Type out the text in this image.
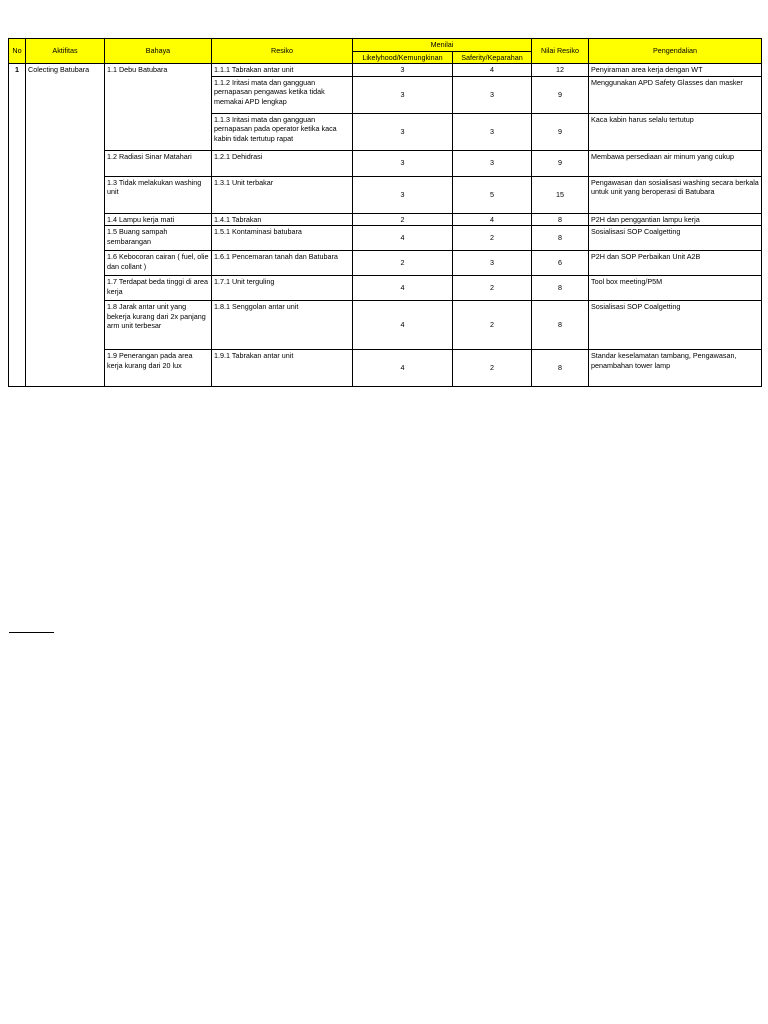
No	Aktifitas	Bahaya	Resiko	Menilai		Nilai Resiko	Pengendalian
				Likelyhood/Kemungkinan	Saferity/Keparahan		
1	Colecting Batubara	1.1 Debu Batubara	1.1.1 Tabrakan antar unit	3	4	12	Penyiraman area kerja dengan WT
			1.1.2 Iritasi mata dan gangguan pernapasan pengawas ketika tidak memakai APD lengkap	3	3	9	Menggunakan APD Safety Glasses dan masker
			1.1.3 Iritasi mata dan gangguan pernapasan pada operator ketika kaca kabin tidak tertutup rapat	3	3	9	Kaca kabin harus selalu tertutup
		1.2 Radiasi Sinar Matahari	1.2.1 Dehidrasi	3	3	9	Membawa persediaan air minum yang cukup
		1.3 Tidak melakukan washing unit	1.3.1 Unit terbakar	3	5	15	Pengawasan dan sosialisasi washing secara berkala untuk unit yang beroperasi di Batubara
		1.4 Lampu kerja mati	1.4.1 Tabrakan	2	4	8	P2H dan penggantian lampu kerja
		1.5 Buang sampah sembarangan	1.5.1 Kontaminasi batubara	4	2	8	Sosialisasi SOP Coalgetting
		1.6 Kebocoran cairan ( fuel, olie dan collant )	1.6.1 Pencemaran tanah dan Batubara	2	3	6	P2H dan SOP Perbaikan Unit A2B
		1.7 Terdapat beda tinggi di area kerja	1.7.1 Unit terguling	4	2	8	Tool box meeting/P5M
		1.8 Jarak antar unit yang bekerja kurang dari 2x panjang arm unit terbesar	1.8.1 Senggolan antar unit	4	2	8	Sosialisasi SOP Coalgetting
		1.9 Penerangan pada area kerja kurang dari 20 lux	1.9.1 Tabrakan antar unit	4	2	8	Standar keselamatan tambang, Pengawasan, penambahan tower lamp
